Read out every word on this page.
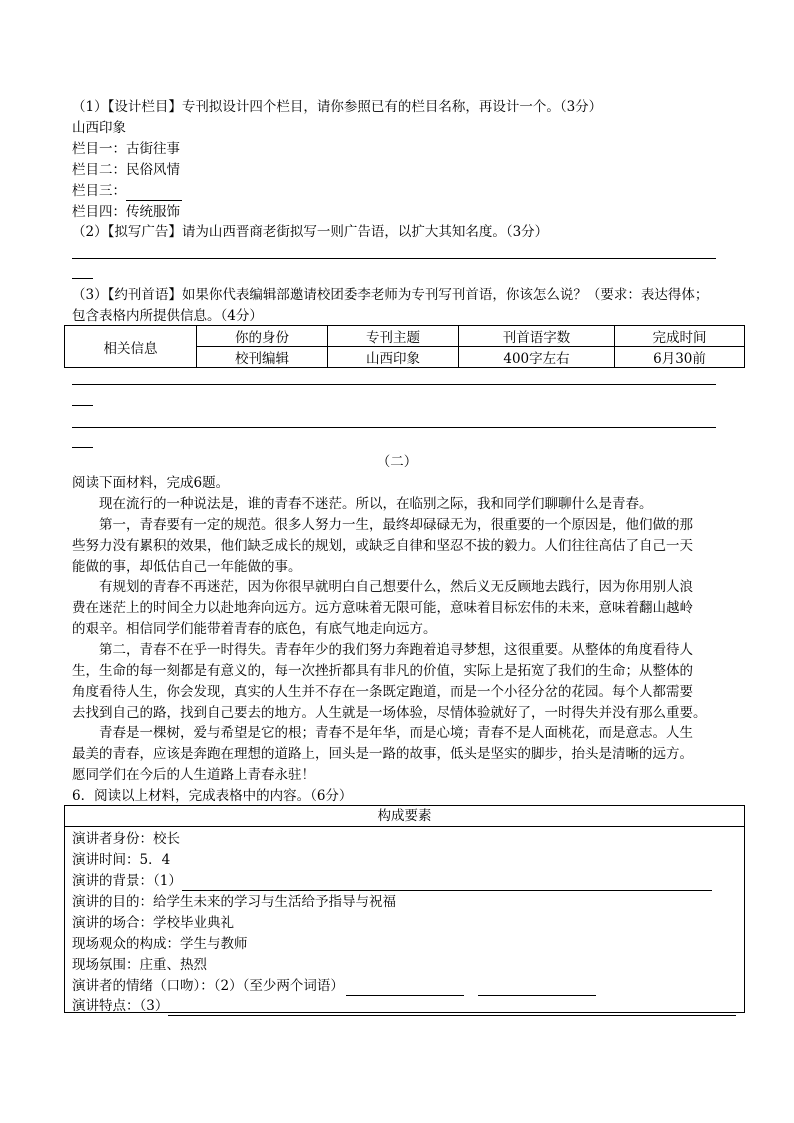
（1）【设计栏目】专刊拟设计四个栏目，请你参照已有的栏目名称，再设计一个。（3分）
山西印象
栏目一：古街往事
栏目二：民俗风情
栏目三：
栏目四：传统服饰
（2）【拟写广告】请为山西晋商老街拟写一则广告语，以扩大其知名度。（3分）
（3）【约刊首语】如果你代表编辑部邀请校团委李老师为专刊写刊首语，你该怎么说？（要求：表达得体；
包含表格内所提供信息。（4分）
相关信息	你的身份	专刊主题	刊首语字数	完成时间
	校刊编辑	山西印象	400字左右	6月30前
（二）
阅读下面材料，完成6题。
现在流行的一种说法是，谁的青春不迷茫。所以，在临别之际，我和同学们聊聊什么是青春。
第一，青春要有一定的规范。很多人努力一生，最终却碌碌无为，很重要的一个原因是，他们做的那
些努力没有累积的效果，他们缺乏成长的规划，或缺乏自律和坚忍不拔的毅力。人们往往高估了自己一天
能做的事，却低估自己一年能做的事。
有规划的青春不再迷茫，因为你很早就明白自己想要什么，然后义无反顾地去践行，因为你用别人浪
费在迷茫上的时间全力以赴地奔向远方。远方意味着无限可能，意味着目标宏伟的未来，意味着翻山越岭
的艰辛。相信同学们能带着青春的底色，有底气地走向远方。
第二，青春不在乎一时得失。青春年少的我们努力奔跑着追寻梦想，这很重要。从整体的角度看待人
生，生命的每一刻都是有意义的，每一次挫折都具有非凡的价值，实际上是拓宽了我们的生命；从整体的
角度看待人生，你会发现，真实的人生并不存在一条既定跑道，而是一个小径分岔的花园。每个人都需要
去找到自己的路，找到自己要去的地方。人生就是一场体验，尽情体验就好了，一时得失并没有那么重要。
青春是一棵树，爱与希望是它的根；青春不是年华，而是心境；青春不是人面桃花，而是意志。人生
最美的青春，应该是奔跑在理想的道路上，回头是一路的故事，低头是坚实的脚步，抬头是清晰的远方。
愿同学们在今后的人生道路上青春永驻！
6．阅读以上材料，完成表格中的内容。（6分）
构成要素
演讲者身份：校长
演讲时间：5．4
演讲的背景：（1）
演讲的目的：给学生未来的学习与生活给予指导与祝福
演讲的场合：学校毕业典礼
现场观众的构成：学生与教师
现场氛围：庄重、热烈
演讲者的情绪（口吻）：（2）（至少两个词语）
演讲特点：（3）
